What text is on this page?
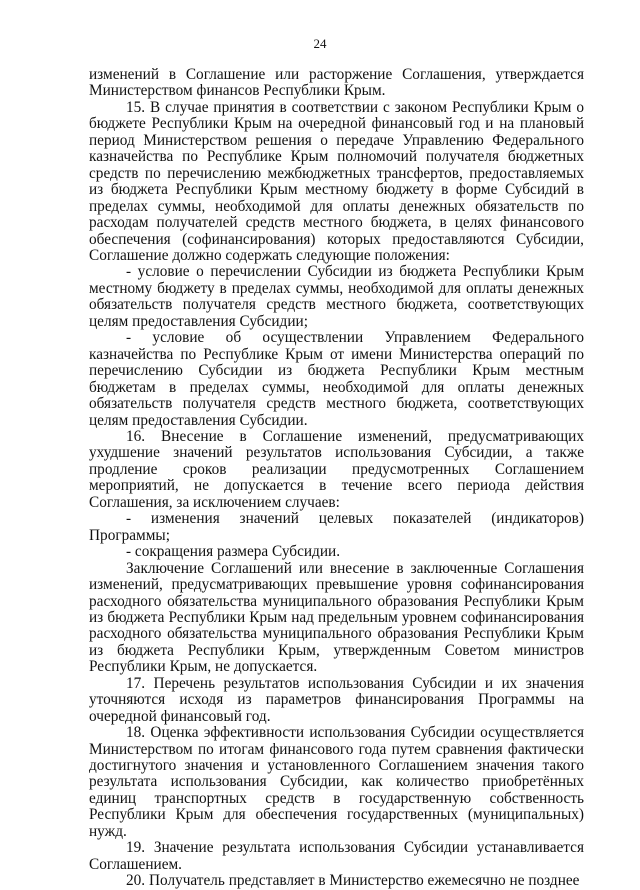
24

изменений в Соглашение или расторжение Соглашения, утверждается Министерством финансов Республики Крым.

15. В случае принятия в соответствии с законом Республики Крым о бюджете Республики Крым на очередной финансовый год и на плановый период Министерством решения о передаче Управлению Федерального казначейства по Республике Крым полномочий получателя бюджетных средств по перечислению межбюджетных трансфертов, предоставляемых из бюджета Республики Крым местному бюджету в форме Субсидий в пределах суммы, необходимой для оплаты денежных обязательств по расходам получателей средств местного бюджета, в целях финансового обеспечения (софинансирования) которых предоставляются Субсидии, Соглашение должно содержать следующие положения:

- условие о перечислении Субсидии из бюджета Республики Крым местному бюджету в пределах суммы, необходимой для оплаты денежных обязательств получателя средств местного бюджета, соответствующих целям предоставления Субсидии;

- условие об осуществлении Управлением Федерального казначейства по Республике Крым от имени Министерства операций по перечислению Субсидии из бюджета Республики Крым местным бюджетам в пределах суммы, необходимой для оплаты денежных обязательств получателя средств местного бюджета, соответствующих целям предоставления Субсидии.

16. Внесение в Соглашение изменений, предусматривающих ухудшение значений результатов использования Субсидии, а также продление сроков реализации предусмотренных Соглашением мероприятий, не допускается в течение всего периода действия Соглашения, за исключением случаев:

- изменения значений целевых показателей (индикаторов) Программы;

- сокращения размера Субсидии.

Заключение Соглашений или внесение в заключенные Соглашения изменений, предусматривающих превышение уровня софинансирования расходного обязательства муниципального образования Республики Крым из бюджета Республики Крым над предельным уровнем софинансирования расходного обязательства муниципального образования Республики Крым из бюджета Республики Крым, утвержденным Советом министров Республики Крым, не допускается.

17. Перечень результатов использования Субсидии и их значения уточняются исходя из параметров финансирования Программы на очередной финансовый год.

18. Оценка эффективности использования Субсидии осуществляется Министерством по итогам финансового года путем сравнения фактически достигнутого значения и установленного Соглашением значения такого результата использования Субсидии, как количество приобретённых единиц транспортных средств в государственную собственность Республики Крым для обеспечения государственных (муниципальных) нужд.

19. Значение результата использования Субсидии устанавливается Соглашением.

20. Получатель представляет в Министерство ежемесячно не позднее
